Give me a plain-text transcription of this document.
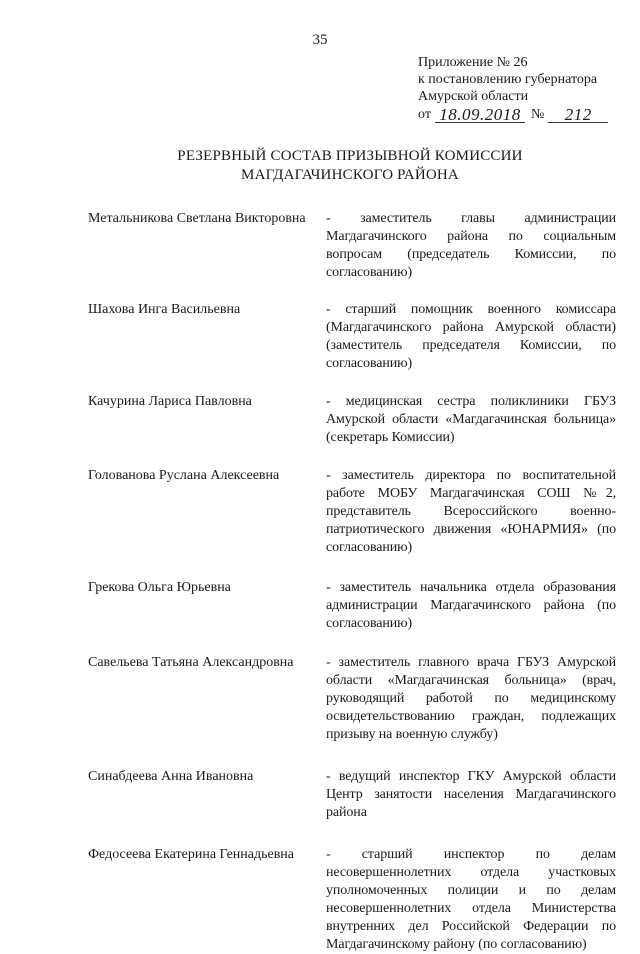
35
Приложение № 26
к постановлению губернатора
Амурской области
от 18.09.2018 №	212
РЕЗЕРВНЫЙ СОСТАВ ПРИЗЫВНОЙ КОМИССИИ
МАГДАГАЧИНСКОГО РАЙОНА
Метальникова Светлана Викторовна	- заместитель главы администрации Магдагачинского района по социальным вопросам (председатель Комиссии, по согласованию)
Шахова Инга Васильевна	- старший помощник военного комиссара (Магдагачинского района Амурской области) (заместитель председателя Комиссии, по согласованию)
Качурина Лариса Павловна	- медицинская сестра поликлиники ГБУЗ Амурской области «Магдагачинская больница» (секретарь Комиссии)
Голованова Руслана Алексеевна	- заместитель директора по воспитательной работе МОБУ Магдагачинская СОШ №2, представитель Всероссийского военно-патриотического движения «ЮНАРМИЯ» (по согласованию)
Грекова Ольга Юрьевна	- заместитель начальника отдела образования администрации Магдагачинского района (по согласованию)
Савельева Татьяна Александровна	- заместитель главного врача ГБУЗ Амурской области «Магдагачинская больница» (врач, руководящий работой по медицинскому освидетельствованию граждан, подлежащих призыву на военную службу)
Синабдеева Анна Ивановна	- ведущий инспектор ГКУ Амурской области Центр занятости населения Магдагачинского района
Федосеева Екатерина Геннадьевна	- старший инспектор по делам несовершеннолетних отдела участковых уполномоченных полиции и по делам несовершеннолетних отдела Министерства внутренних дел Российской Федерации по Магдагачинскому району (по согласованию)
